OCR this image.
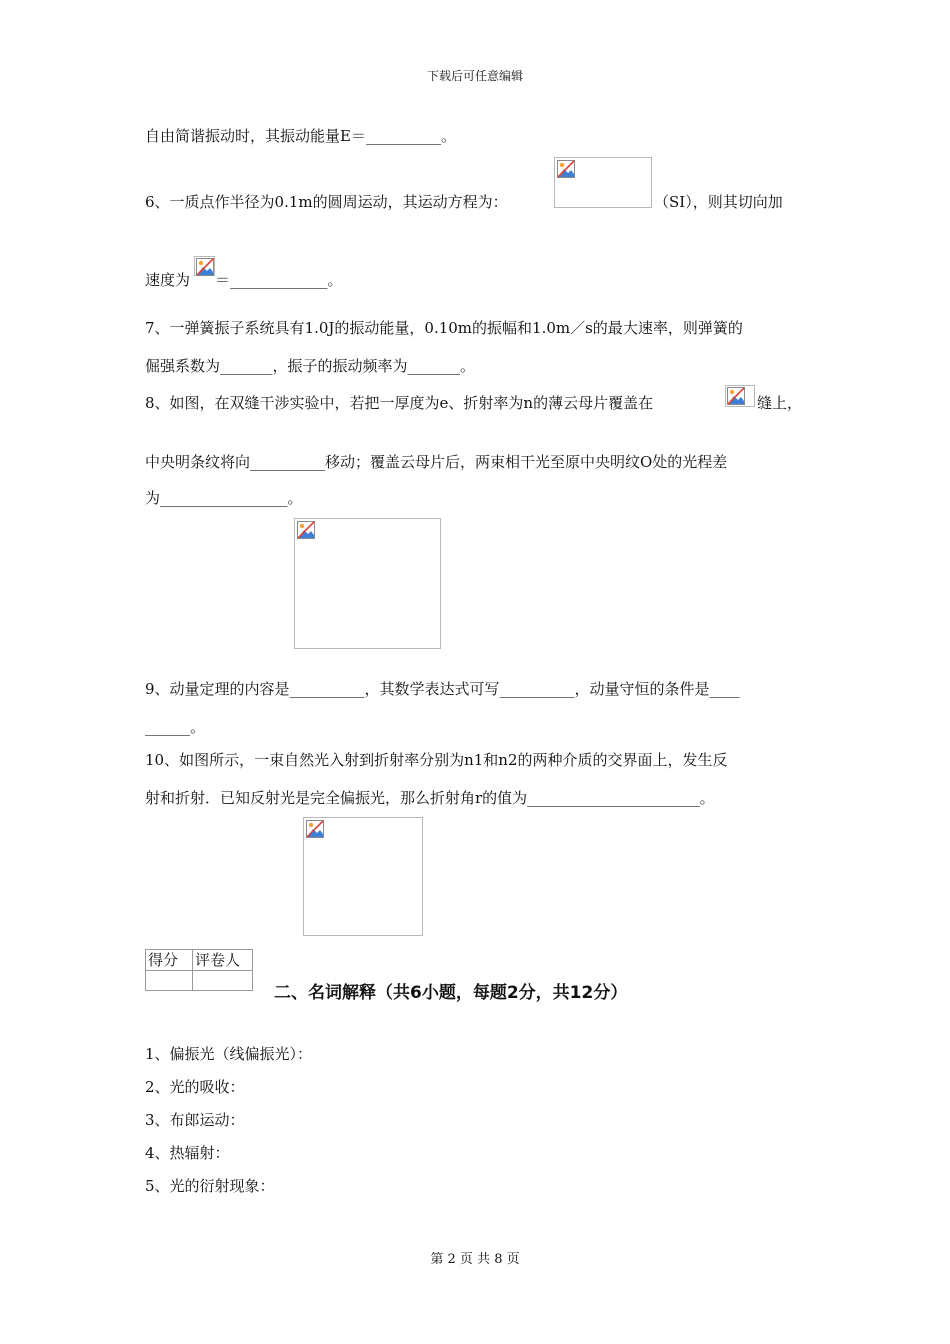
下载后可任意编辑
自由简谐振动时，其振动能量E＝__________。
6、一质点作半径为0.1m的圆周运动，其运动方程为：	（SI），则其切向加
速度为 ＝_____________。
7、一弹簧振子系统具有1.0J的振动能量，0.10m的振幅和1.0m／s的最大速率，则弹簧的
倔强系数为_______，振子的振动频率为_______。
8、如图，在双缝干涉实验中，若把一厚度为e、折射率为n的薄云母片覆盖在	缝上，
中央明条纹将向__________移动；覆盖云母片后，两束相干光至原中央明纹O处的光程差
为_________________。
9、动量定理的内容是__________，其数学表达式可写__________，动量守恒的条件是____
______。
10、如图所示，一束自然光入射到折射率分别为n1和n2的两种介质的交界面上，发生反
射和折射．已知反射光是完全偏振光，那么折射角r的值为_______________________。
得分	评卷人

二、名词解释（共6小题，每题2分，共12分）
1、偏振光（线偏振光）：
2、光的吸收：
3、布郎运动：
4、热辐射：
5、光的衍射现象：
第 2 页 共 8 页
